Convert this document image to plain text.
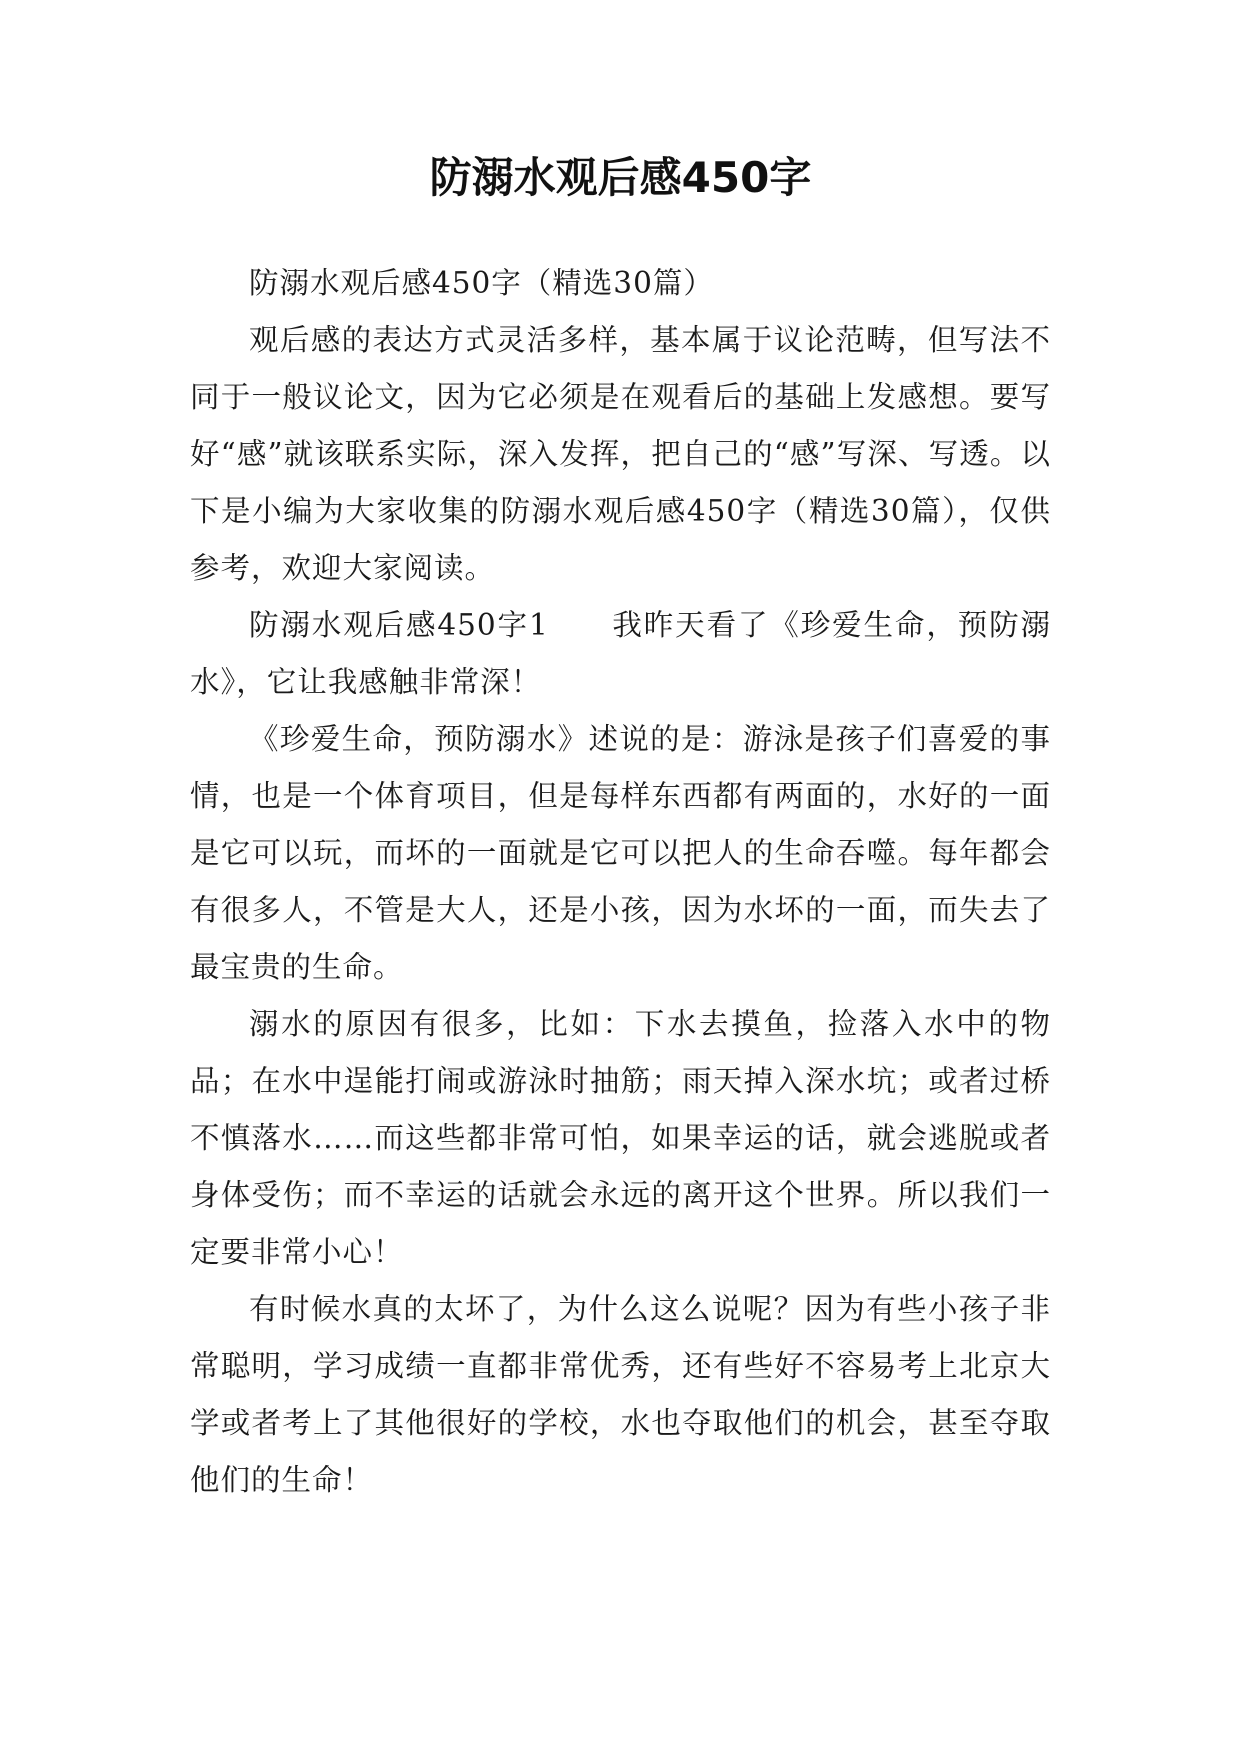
防溺水观后感450字

防溺水观后感450字（精选30篇）

观后感的表达方式灵活多样，基本属于议论范畴，但写法不同于一般议论文，因为它必须是在观看后的基础上发感想。要写好“感”就该联系实际，深入发挥，把自己的“感”写深、写透。以下是小编为大家收集的防溺水观后感450字（精选30篇），仅供参考，欢迎大家阅读。

防溺水观后感450字1　　我昨天看了《珍爱生命，预防溺水》，它让我感触非常深！

《珍爱生命，预防溺水》述说的是：游泳是孩子们喜爱的事情，也是一个体育项目，但是每样东西都有两面的，水好的一面是它可以玩，而坏的一面就是它可以把人的生命吞噬。每年都会有很多人，不管是大人，还是小孩，因为水坏的一面，而失去了最宝贵的生命。

溺水的原因有很多，比如：下水去摸鱼，捡落入水中的物品；在水中逞能打闹或游泳时抽筋；雨天掉入深水坑；或者过桥不慎落水……而这些都非常可怕，如果幸运的话，就会逃脱或者身体受伤；而不幸运的话就会永远的离开这个世界。所以我们一定要非常小心！

有时候水真的太坏了，为什么这么说呢？因为有些小孩子非常聪明，学习成绩一直都非常优秀，还有些好不容易考上北京大学或者考上了其他很好的学校，水也夺取他们的机会，甚至夺取他们的生命！
